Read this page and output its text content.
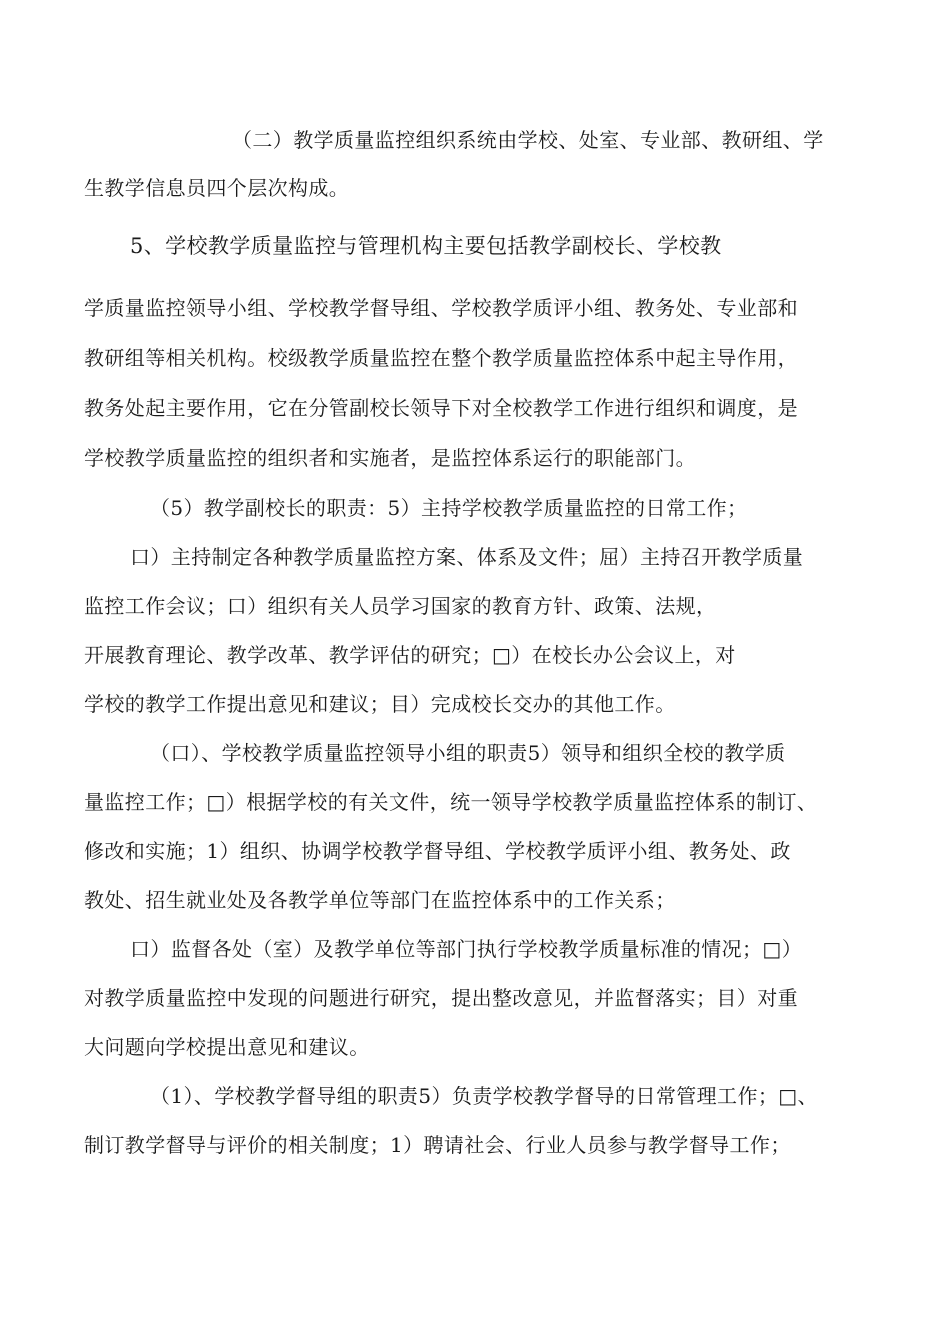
（二）教学质量监控组织系统由学校、处室、专业部、教研组、学
生教学信息员四个层次构成。
5、学校教学质量监控与管理机构主要包括教学副校长、学校教
学质量监控领导小组、学校教学督导组、学校教学质评小组、教务处、专业部和
教研组等相关机构。校级教学质量监控在整个教学质量监控体系中起主导作用，
教务处起主要作用，它在分管副校长领导下对全校教学工作进行组织和调度，是
学校教学质量监控的组织者和实施者，是监控体系运行的职能部门。
（5）教学副校长的职责：5）主持学校教学质量监控的日常工作；
口）主持制定各种教学质量监控方案、体系及文件；屈）主持召开教学质量
监控工作会议；口）组织有关人员学习国家的教育方针、政策、法规，
开展教育理论、教学改革、教学评估的研究；□）在校长办公会议上，对
学校的教学工作提出意见和建议；目）完成校长交办的其他工作。
（口）、学校教学质量监控领导小组的职责5）领导和组织全校的教学质
量监控工作；□）根据学校的有关文件，统一领导学校教学质量监控体系的制订、
修改和实施；1）组织、协调学校教学督导组、学校教学质评小组、教务处、政
教处、招生就业处及各教学单位等部门在监控体系中的工作关系；
口）监督各处（室）及教学单位等部门执行学校教学质量标准的情况；□）
对教学质量监控中发现的问题进行研究，提出整改意见，并监督落实；目）对重
大问题向学校提出意见和建议。
（1）、学校教学督导组的职责5）负责学校教学督导的日常管理工作；□、
制订教学督导与评价的相关制度；1）聘请社会、行业人员参与教学督导工作；
